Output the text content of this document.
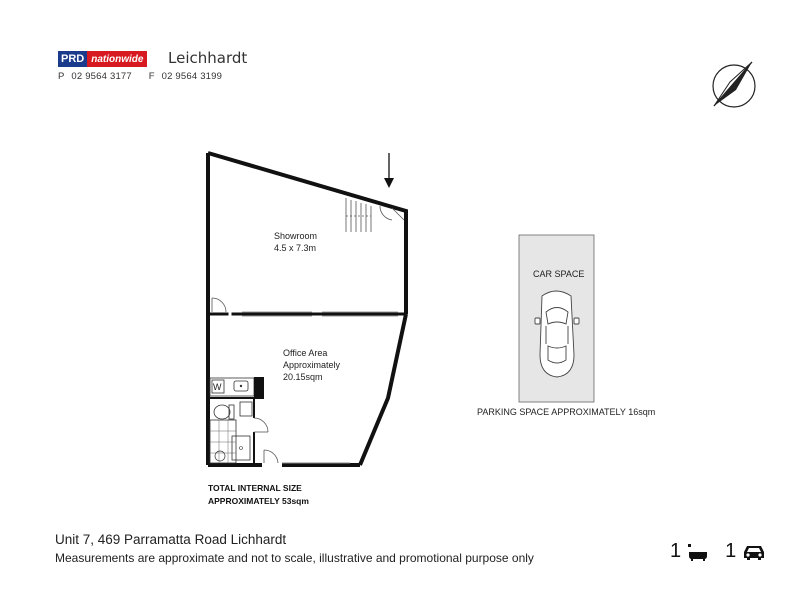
PRD nationwide Leichhardt
P 02 9564 3177 F 02 9564 3199
Showroom
4.5 x 7.3m
Office Area
Approximately
20.15sqm
W
TOTAL INTERNAL SIZE
APPROXIMATELY 53sqm
CAR SPACE
PARKING SPACE APPROXIMATELY 16sqm
Unit 7, 469 Parramatta Road Lichhardt
Measurements are approximate and not to scale, illustrative and promotional purpose only	1 1
